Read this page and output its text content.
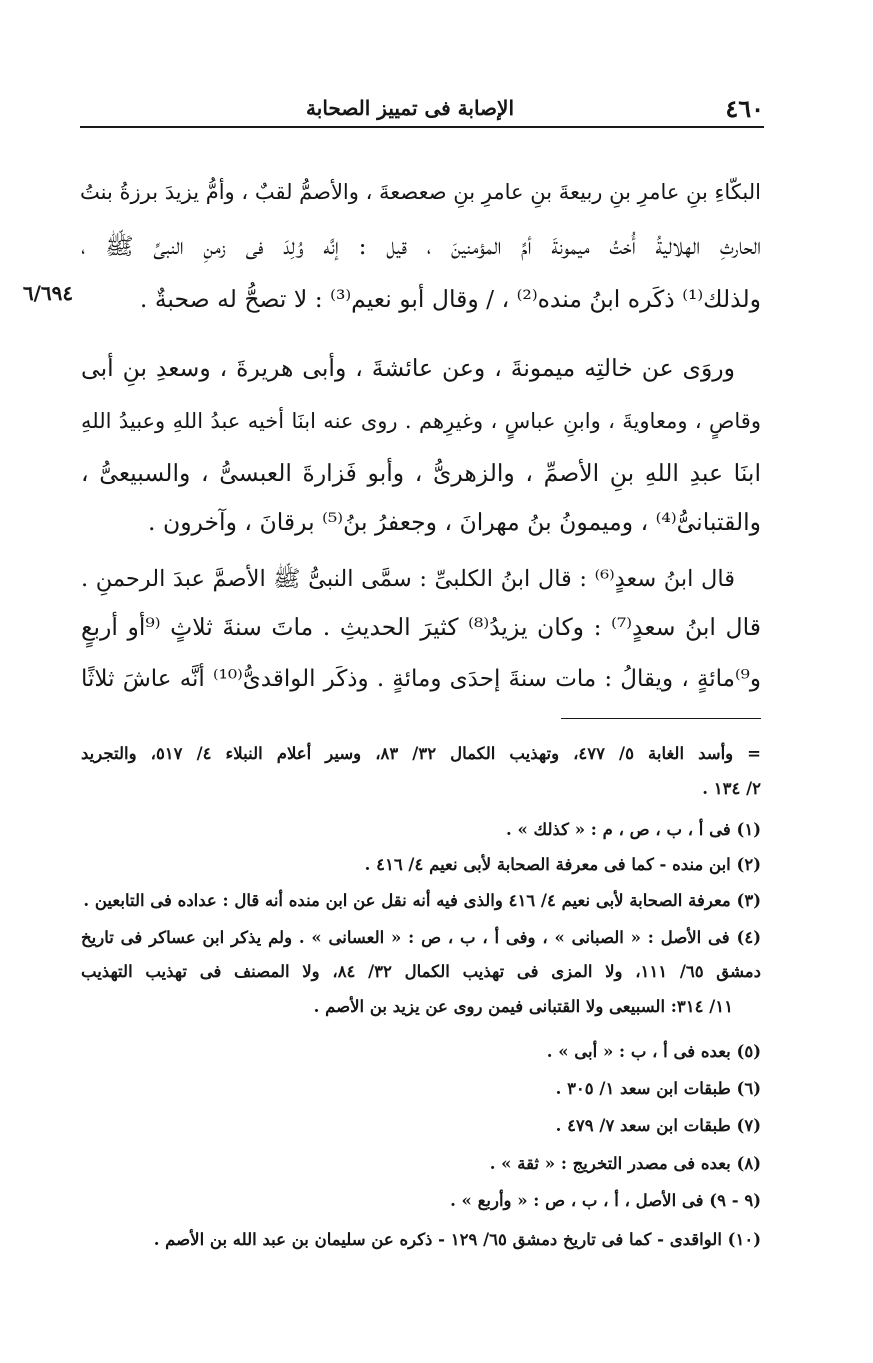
٤٦٠
الإصابة فى تمييز الصحابة
٦/٦٩٤
البكّاءِ بنِ عامرِ بنِ ربيعةَ بنِ عامرِ بنِ صعصعةَ ، والأصمُّ لقبٌ ، وأمُّ يزيدَ برزةُ بنتُ
الحارثِ الهلاليةُ أُختُ ميمونةَ أمِّ المؤمنينَ ، قيل : إنَّه وُلِدَ فى زمنِ النبىِّ ﷺ ،
ولذلك⁽¹⁾ ذكَره ابنُ منده⁽²⁾ ، / وقال أبو نعيم⁽³⁾ : لا تصحُّ له صحبةٌ .
وروَى عن خالتِه ميمونةَ ، وعن عائشةَ ، وأبى هريرةَ ، وسعدِ بنِ أبى
وقاصٍ ، ومعاويةَ ، وابنِ عباسٍ ، وغيرِهم . روى عنه ابنَا أخيه عبدُ اللهِ وعبيدُ اللهِ
ابنَا عبدِ اللهِ بنِ الأصمِّ ، والزهرىُّ ، وأبو فَزارةَ العبسىُّ ، والسبيعىُّ ،
والقتبانىُّ⁽⁴⁾ ، وميمونُ بنُ مهرانَ ، وجعفرُ بنُ⁽⁵⁾ برقانَ ، وآخرون .
قال ابنُ سعدٍ⁽⁶⁾ : قال ابنُ الكلبىِّ : سمَّى النبىُّ ﷺ الأصمَّ عبدَ الرحمنِ .
قال ابنُ سعدٍ⁽⁷⁾ : وكان يزيدُ⁽⁸⁾ كثيرَ الحديثِ . ماتَ سنةَ ثلاثٍ ⁽⁹أو أربعٍ
و⁹⁾مائةٍ ، ويقالُ : مات سنةَ إحدَى ومائةٍ . وذكَر الواقدىُّ⁽¹⁰⁾ أنَّه عاشَ ثلاثًا
= وأسد الغابة ٥/ ٤٧٧، وتهذيب الكمال ٣٢/ ٨٣، وسير أعلام النبلاء ٤/ ٥١٧، والتجريد
٢/ ١٣٤ .
(١) فى أ ، ب ، ص ، م : « كذلك » .
(٢) ابن منده - كما فى معرفة الصحابة لأبى نعيم ٤/ ٤١٦ .
(٣) معرفة الصحابة لأبى نعيم ٤/ ٤١٦ والذى فيه أنه نقل عن ابن منده أنه قال : عداده فى التابعين .
(٤) فى الأصل : « الصبانى » ، وفى أ ، ب ، ص : « العسانى » . ولم يذكر ابن عساكر فى تاريخ
دمشق ٦٥/ ١١١، ولا المزى فى تهذيب الكمال ٣٢/ ٨٤، ولا المصنف فى تهذيب التهذيب
١١/ ٣١٤: السبيعى ولا القتبانى فيمن روى عن يزيد بن الأصم .
(٥) بعده فى أ ، ب : « أبى » .
(٦) طبقات ابن سعد ١/ ٣٠٥ .
(٧) طبقات ابن سعد ٧/ ٤٧٩ .
(٨) بعده فى مصدر التخريج : « ثقة » .
(٩ - ٩) فى الأصل ، أ ، ب ، ص : « وأربع » .
(١٠) الواقدى - كما فى تاريخ دمشق ٦٥/ ١٢٩ - ذكره عن سليمان بن عبد الله بن الأصم .
